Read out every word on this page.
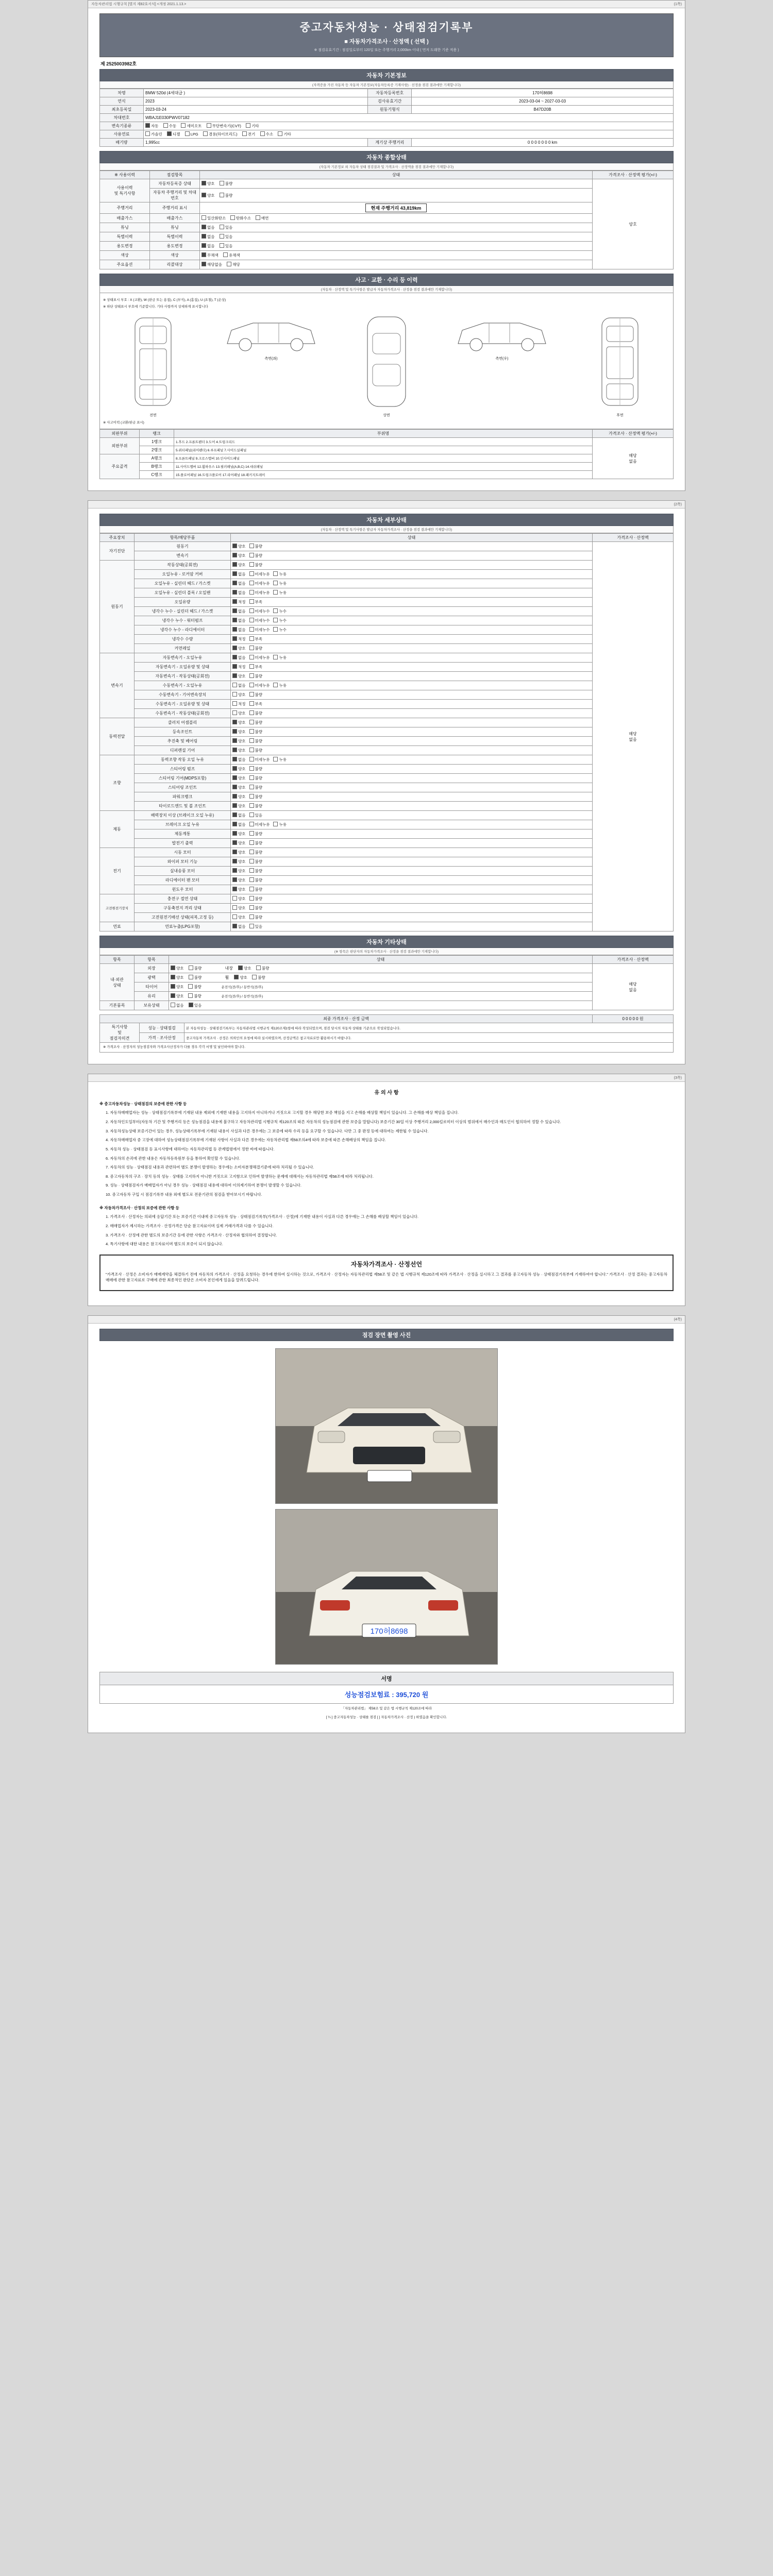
자동차관리법 시행규칙 [별지 제82호서식] <개정 2021.1.13.>	(1쪽)
중고자동차성능 · 상태점검기록부
■ 자동차가격조사 · 산정액 ( 선택 )
※ 점검유효기간 : 점검일로부터 120일 또는 주행거리 2,000km 이내 ( 먼저 도래한 기준 적용 )
제 2525003982호
자동차 기본정보
(자격증을 가진 자동차 등 자동차 기본정보(자동차등록증 기재사항) · 선정을 점검 결과에만 기재합니다)
차명	BMW 520d (4세대급 )	자동차등록번호	170허8698
연식	2023	검사유효기간	2023-03-04 ~ 2027-03-03
최초등록일	2023-03-24	원동기형식	B47D20B
차대번호	WBAJ1E030PWV07182		
변속기종류	자동 수동 세미오토 무단변속기(CVT) 기타		
사용연료	가솔린 디젤 LPG 겸용(하이브리드) 전기 수소 기타		
배기량	1,995cc	계기상 주행거리	0 0 0 0 0 0 0 km
자동차 종합상태
(자동차 기본정보 외 자동차 상태 점검결과 및 가격조사 · 산정액을 점검 결과에만 기재합니다)
※ 사용이력	점검항목	상태	가격조사 · 산정액 평가(+/-)
사용이력
및 특기사항	자동차등록증 상태	양호 불량	양호
	자동차 주행거리 및 차대번호	양호 불량	
주행거리	주행거리 표시	현재 주행거리 43,819km	
배출가스	배출가스	일산화탄소 탄화수소 매연	
튜닝	튜닝	없음 있음	
특별이력	특별이력	없음 있음	
용도변경	용도변경	없음 있음	
색상	색상	무채색 유채색	
주요옵션	리콜대상	해당없음 해당	
사고 · 교환 · 수리 등 이력
(자동차 · 산정액 및 특기사항은 발급자 자동차가격조사 · 산정을 점검 결과에만 기재합니다)
※ 상태표시 부호 : X (교환), W (판금 또는 용접), C (부식), A (흠집), U (요철), T (손상)
※ 하단 상태표시 부호에 기준합니다. 기타 사항까지 상세하게 표시합니다
전면
측면(좌)
상면
측면(우)
후면
※ 사고이력 (교환/판금 표시)
외판부위	랭크	부위명	가격조사 · 산정액 평가(+/-)
외판부위	1랭크	1.후드 2.프론트펜더 3.도어 4.트렁크리드	해당
없음
	2랭크	5.쿼터패널(리어펜더) 6.루프패널 7.사이드실패널	
주요골격	A랭크	8.프론트패널 9.크로스멤버 10.인사이드패널	
	B랭크	11.사이드멤버 12.휠하우스 13.필러패널(A,B,C) 14.대쉬패널	
	C랭크	15.플로어패널 16.트렁크플로어 17.리어패널 18.패키지트레이	
(2쪽)
자동차 세부상태
(자동차 · 산정액 및 특기사항은 발급자 자동차가격조사 · 산정을 점검 결과에만 기재합니다)
주요장치	항목/해당부품	상태	가격조사 · 산정액
자기진단	원동기	양호 불량	해당
없음
	변속기	양호 불량	
원동기	작동상태(공회전)	양호 불량	
	오일누유 - 로커암 커버	없음 미세누유 누유	
	오일누유 - 실린더 헤드 / 가스켓	없음 미세누유 누유	
	오일누유 - 실린더 블록 / 오일팬	없음 미세누유 누유	
	오일유량	적정 부족	
	냉각수 누수 - 실린더 헤드 / 가스켓	없음 미세누수 누수	
	냉각수 누수 - 워터펌프	없음 미세누수 누수	
	냉각수 누수 - 라디에이터	없음 미세누수 누수	
	냉각수 수량	적정 부족	
	커먼레일	양호 불량	
변속기	자동변속기 - 오일누유	없음 미세누유 누유	
	자동변속기 - 오일유량 및 상태	적정 부족	
	자동변속기 - 작동상태(공회전)	양호 불량	
	수동변속기 - 오일누유	없음 미세누유 누유	
	수동변속기 - 기어변속장치	양호 불량	
	수동변속기 - 오일유량 및 상태	적정 부족	
	수동변속기 - 작동상태(공회전)	양호 불량	
동력전달	클러치 어셈블리	양호 불량	
	등속조인트	양호 불량	
	추진축 및 베어링	양호 불량	
	디퍼렌셜 기어	양호 불량	
조향	동력조향 작동 오일 누유	없음 미세누유 누유	
	스티어링 펌프	양호 불량	
	스티어링 기어(MDPS포함)	양호 불량	
	스티어링 조인트	양호 불량	
	파워크랭크	양호 불량	
	타이로드엔드 및 볼 조인트	양호 불량	
제동	배력장치 이상 (브레이크 오일 누유)	없음 있음	
	브레이크 오일 누유	없음 미세누유 누유	
	제동계통	양호 불량	
	발전기 출력	양호 불량	
전기	시동 모터	양호 불량	
	와이퍼 모터 기능	양호 불량	
	실내송풍 모터	양호 불량	
	라디에이터 팬 모터	양호 불량	
	윈도우 모터	양호 불량	
고전원전기장치	충전구 절연 상태	양호 불량	
	구동축전지 격리 상태	양호 불량	
	고전원전기배선 상태(피복,고정 등)	양호 불량	
연료	연료누출(LPG포함)	없음 있음	
자동차 기타상태
(※ 항목은 판단자의 자동차가격조사 · 산정을 점검 결과에만 기재합니다)
항목	항목	상태	가격조사 · 산정액
내·외관
상태	외장	양호 불량 내장 양호 불량	해당
없음
	광택	양호 불량 휠 양호 불량	
	타이어	양호 불량 운전석(전/후) / 동반석(전/후)	
	유리	양호 불량 운전석(전/후) / 동반석(전/후)	
기본품목	보유상태	없음 있음	
최종 가격조사 · 산정 금액			0 0 0 0 0 원
특기사항
및
점검자의견	성능 · 상태점검	본 자동차성능 · 상태점검기록부는 자동차관리법 시행규칙 제120조제1항에 따라 작성되었으며, 점검 당시의 자동차 상태를 기준으로 작성되었습니다.	
	가격 · 조사산정	중고자동차 가격조사 · 산정은 의뢰인의 요청에 따라 실시하였으며, 산정금액은 참고자료로만 활용하시기 바랍니다.	
※ 가격조사 · 산정자의 성능점검자와 가격조사산정자가 다를 경우 각각 서명 및 날인하여야 합니다.
(3쪽)
유 의 사 항

※ 중고자동차성능 · 상태점검의 보증에 관한 사항 등

1. 자동차매매업자는 성능 · 상태점검기록부에 기재된 내용 제외에 기재한 내용을 고지하지 아니하거나 거짓으로 고지할 경우 해당한 보증 책임을 지고 손해를 배상할 책임이 있습니다. 그 손해를 배상 책임을 집니다.

2. 자동차인도일부터(자동차 기간 및 주행거리 등은 성능점검을 내용에 불구하고 자동차관리법 시행규칙 제120조의 따른 자동차의 성능점검에 관한 보증을 말합니다) 보증기간 30일 이상 주행거리 2,000킬로미터 이상의 범위에서 매수인과 매도인이 협의하여 정할 수 있습니다.

3. 자동차성능상태 보증기간이 있는 경우, 성능상태기록부에 기재된 내용이 사실과 다른 경우에는 그 보증에 따라 수리 등을 요구할 수 있습니다. 다만 그 중 판정 등에 대하여는 제한될 수 있습니다.

4. 자동차매매업자 중 고장에 대하여 성능상태점검기록부에 기재된 사항이 사실과 다른 경우에는 자동차관리법 제58조의4에 따라 보증에 따른 손해배상의 책임을 집니다.

5. 자동차 성능 · 상태점검 등 표시사항에 대하여는 자동차관리법 등 관계법령에서 정한 바에 따릅니다.

6. 자동차의 손괴에 관한 내용은 자동차등록원부 등을 통하여 확인할 수 있습니다.

7. 자동차의 성능 · 상태점검 내용과 관련하여 별도 분쟁이 발생하는 경우에는 소비자분쟁해결기준에 따라 처리될 수 있습니다.

8. 중고자동차의 구조 · 장치 등의 성능 · 상태를 고지하지 아니한 거짓으로 고지함으로 인하여 발생하는 문제에 대해서는 자동차관리법 제58조에 따라 처리됩니다.

9. 성능 · 상태점검자가 매매업자가 아닌 경우 성능 · 상태점검 내용에 대하여 이의제기하여 분쟁이 발생할 수 있습니다.

10. 중고자동차 구입 시 점검기록부 내용 외에 별도로 전문기관의 점검을 받아보시기 바랍니다.

※ 자동차가격조사 · 산정의 보증에 관한 사항 등

1. 가격조사 · 산정자는 의뢰에 응답기간 또는 보증기간 이내에 중고자동차 성능 · 상태점검기록부(가격조사 · 산정)에 기재한 내용이 사실과 다른 경우에는 그 손해를 배상할 책임이 있습니다.

2. 매매업자가 제시하는 가격조사 · 산정가격은 단순 참고자료이며 실제 거래가격과 다를 수 있습니다.

3. 가격조사 · 산정에 관한 별도의 보증기간 등에 관한 사항은 가격조사 · 산정자와 협의하여 결정합니다.

4. 특기사항에 대한 내용은 참고자료이며 별도의 보증이 되지 않습니다.

자동차가격조사 · 산정선언

"가격조사 · 산정은 소비자가 매매계약을 체결하기 전에 자동차의 가격조사 · 산정을 요청하는 경우에 한하여 실시하는 것으로, 가격조사 · 산정자는 자동차관리법 제58조 및 같은 법 시행규칙 제120조에 따라 가격조사 · 산정을 실시하고 그 결과를 중고자동차 성능 · 상태점검기록부에 기재하여야 합니다." 가격조사 · 산정 결과는 중고자동차 매매에 관한 참고자료로 구매에 관한 최종적인 판단은 소비자 본인에게 있음을 알려드립니다.

(4쪽)
점검 장면 촬영 사진
170허8698
서명
성능점검보험료 : 395,720 원
「자동차관리법」 제58조 및 같은 법 시행규칙 제120조에 따라
[ ¼ ] 중고자동차성능 · 상태를 점검 [ ] 자동차가격조사 · 산정 ) 하였음을 확인합니다.
